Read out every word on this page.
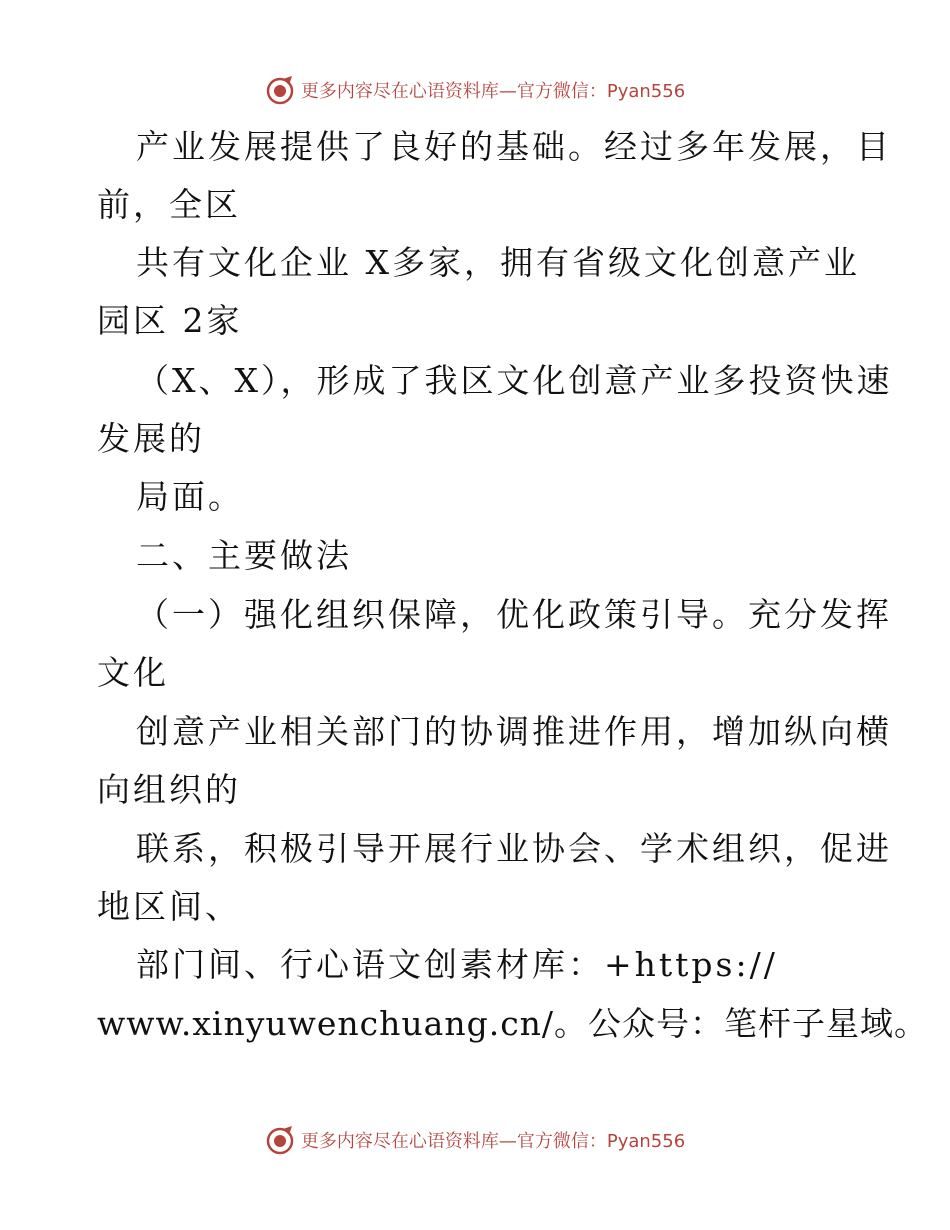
更多内容尽在心语资料库—官方微信：Pyan556
产业发展提供了良好的基础。经过多年发展，目
前，全区
共有文化企业 X多家，拥有省级文化创意产业
园区 2家
（X、X），形成了我区文化创意产业多投资快速
发展的
局面。
二、主要做法
（一）强化组织保障，优化政策引导。充分发挥
文化
创意产业相关部门的协调推进作用，增加纵向横
向组织的
联系，积极引导开展行业协会、学术组织，促进
地区间、
部门间、行心语文创素材库：+https://
www.xinyuwenchuang.cn/。公众号：笔杆子星域。
更多内容尽在心语资料库—官方微信：Pyan556
